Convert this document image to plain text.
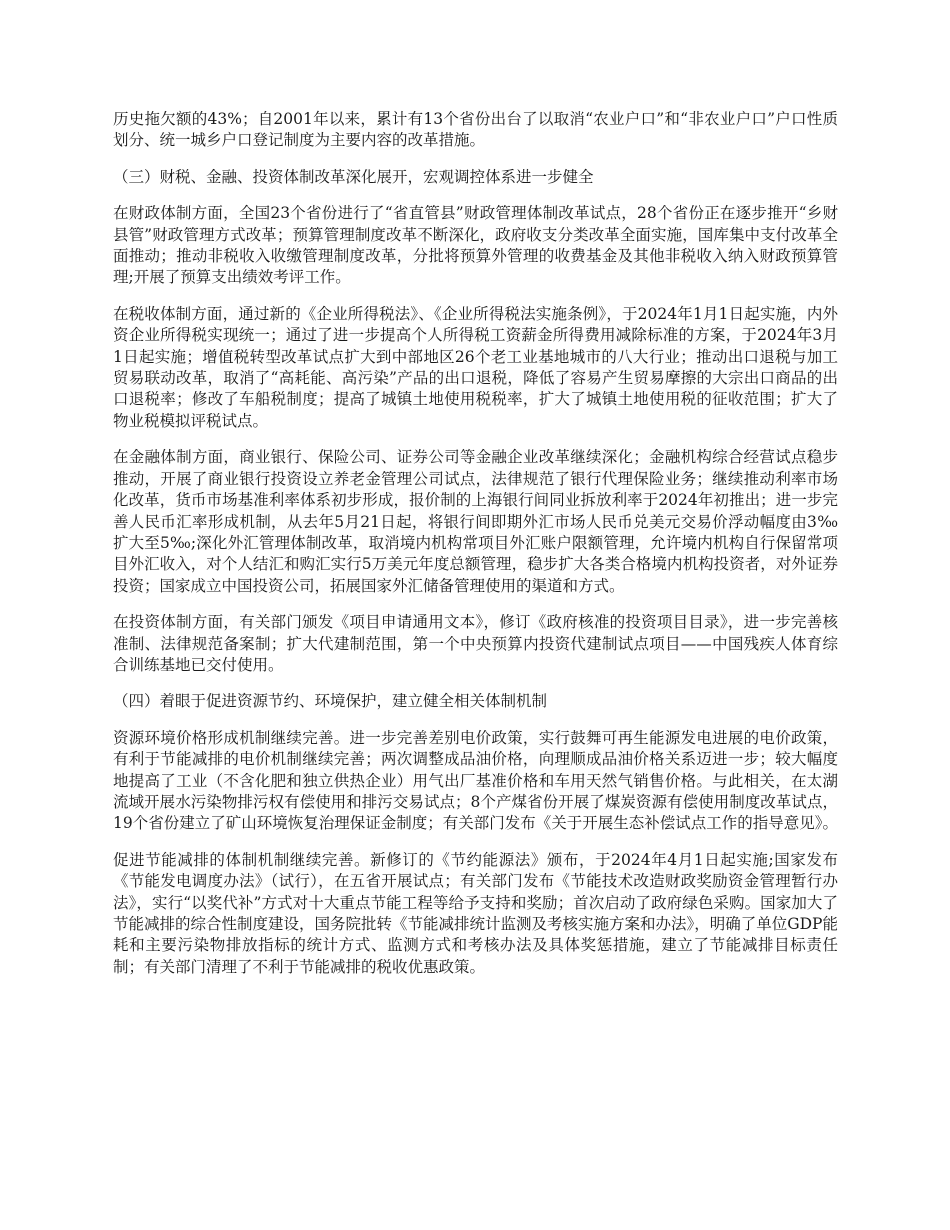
历史拖欠额的43%；自2001年以来，累计有13个省份出台了以取消“农业户口”和“非农业户口”户口性质划分、统一城乡户口登记制度为主要内容的改革措施。

（三）财税、金融、投资体制改革深化展开，宏观调控体系进一步健全

在财政体制方面，全国23个省份进行了“省直管县”财政管理体制改革试点，28个省份正在逐步推开“乡财县管”财政管理方式改革；预算管理制度改革不断深化，政府收支分类改革全面实施，国库集中支付改革全面推动；推动非税收入收缴管理制度改革，分批将预算外管理的收费基金及其他非税收入纳入财政预算管理;开展了预算支出绩效考评工作。

在税收体制方面，通过新的《企业所得税法》、《企业所得税法实施条例》，于2024年1月1日起实施，内外资企业所得税实现统一；通过了进一步提高个人所得税工资薪金所得费用减除标准的方案，于2024年3月1日起实施；增值税转型改革试点扩大到中部地区26个老工业基地城市的八大行业；推动出口退税与加工贸易联动改革，取消了“高耗能、高污染”产品的出口退税，降低了容易产生贸易摩擦的大宗出口商品的出口退税率；修改了车船税制度；提高了城镇土地使用税税率，扩大了城镇土地使用税的征收范围；扩大了物业税模拟评税试点。

在金融体制方面，商业银行、保险公司、证券公司等金融企业改革继续深化；金融机构综合经营试点稳步推动，开展了商业银行投资设立养老金管理公司试点，法律规范了银行代理保险业务；继续推动利率市场化改革，货币市场基准利率体系初步形成，报价制的上海银行间同业拆放利率于2024年初推出；进一步完善人民币汇率形成机制，从去年5月21日起，将银行间即期外汇市场人民币兑美元交易价浮动幅度由3‰扩大至5‰;深化外汇管理体制改革，取消境内机构常项目外汇账户限额管理，允许境内机构自行保留常项目外汇收入，对个人结汇和购汇实行5万美元年度总额管理，稳步扩大各类合格境内机构投资者，对外证券投资；国家成立中国投资公司，拓展国家外汇储备管理使用的渠道和方式。

在投资体制方面，有关部门颁发《项目申请通用文本》，修订《政府核准的投资项目目录》，进一步完善核准制、法律规范备案制；扩大代建制范围，第一个中央预算内投资代建制试点项目——中国残疾人体育综合训练基地已交付使用。

（四）着眼于促进资源节约、环境保护，建立健全相关体制机制

资源环境价格形成机制继续完善。进一步完善差别电价政策，实行鼓舞可再生能源发电进展的电价政策，有利于节能减排的电价机制继续完善；两次调整成品油价格，向理顺成品油价格关系迈进一步；较大幅度地提高了工业（不含化肥和独立供热企业）用气出厂基准价格和车用天然气销售价格。与此相关，在太湖流域开展水污染物排污权有偿使用和排污交易试点；8个产煤省份开展了煤炭资源有偿使用制度改革试点，19个省份建立了矿山环境恢复治理保证金制度；有关部门发布《关于开展生态补偿试点工作的指导意见》。

促进节能减排的体制机制继续完善。新修订的《节约能源法》颁布，于2024年4月1日起实施;国家发布《节能发电调度办法》（试行），在五省开展试点；有关部门发布《节能技术改造财政奖励资金管理暂行办法》，实行“以奖代补”方式对十大重点节能工程等给予支持和奖励；首次启动了政府绿色采购。国家加大了节能减排的综合性制度建设，国务院批转《节能减排统计监测及考核实施方案和办法》，明确了单位GDP能耗和主要污染物排放指标的统计方式、监测方式和考核办法及具体奖惩措施，建立了节能减排目标责任制；有关部门清理了不利于节能减排的税收优惠政策。
